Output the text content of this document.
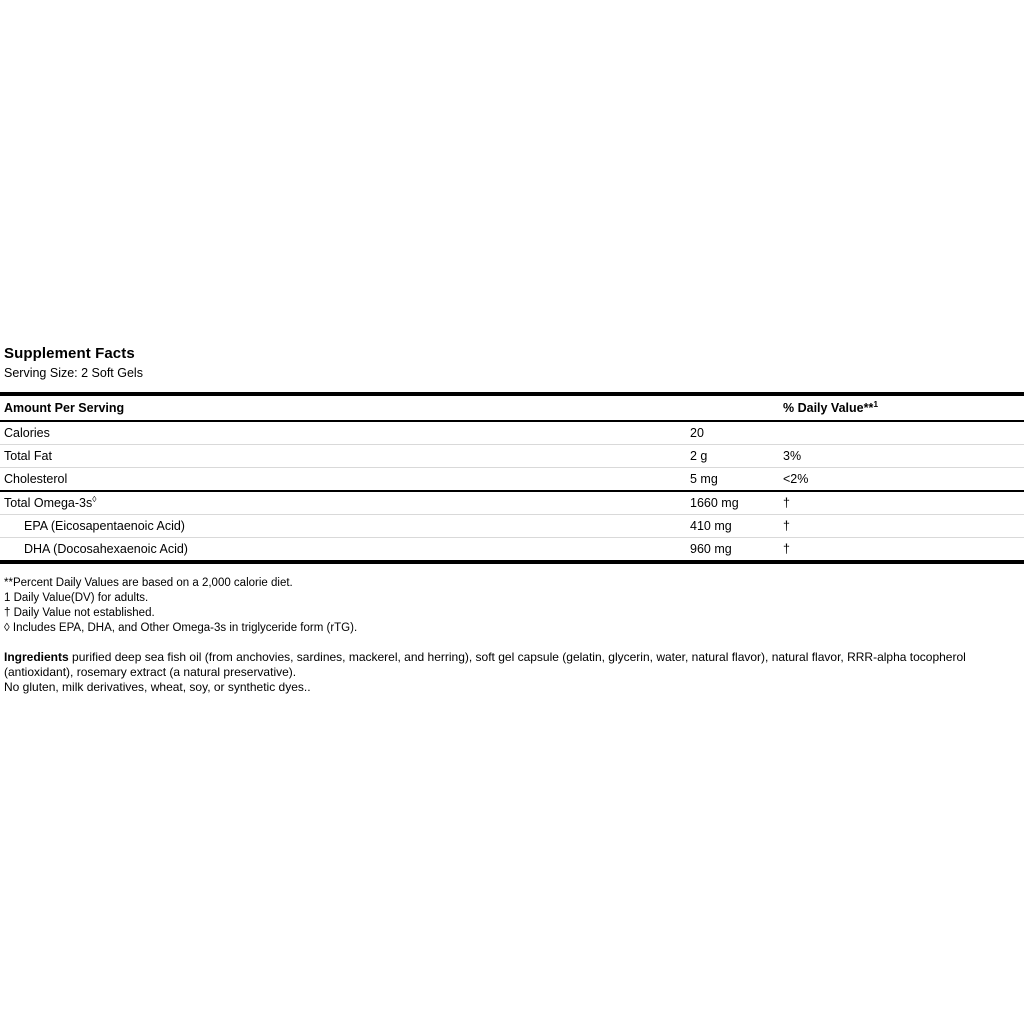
Supplement Facts
Serving Size: 2 Soft Gels
Amount Per Serving		% Daily Value**$^1$
Calories	20	
Total Fat	2 g	3%
Cholesterol	5 mg	<2%
Total Omega-3s◊	1660 mg	†
EPA (Eicosapentaenoic Acid)	410 mg	†
DHA (Docosahexaenoic Acid)	960 mg	†
**Percent Daily Values are based on a 2,000 calorie diet.
1 Daily Value(DV) for adults.
† Daily Value not established.
◊ Includes EPA, DHA, and Other Omega-3s in triglyceride form (rTG).
Ingredients purified deep sea fish oil (from anchovies, sardines, mackerel, and herring), soft gel capsule (gelatin, glycerin, water, natural flavor), natural flavor, RRR-alpha tocopherol (antioxidant), rosemary extract (a natural preservative).
No gluten, milk derivatives, wheat, soy, or synthetic dyes..
